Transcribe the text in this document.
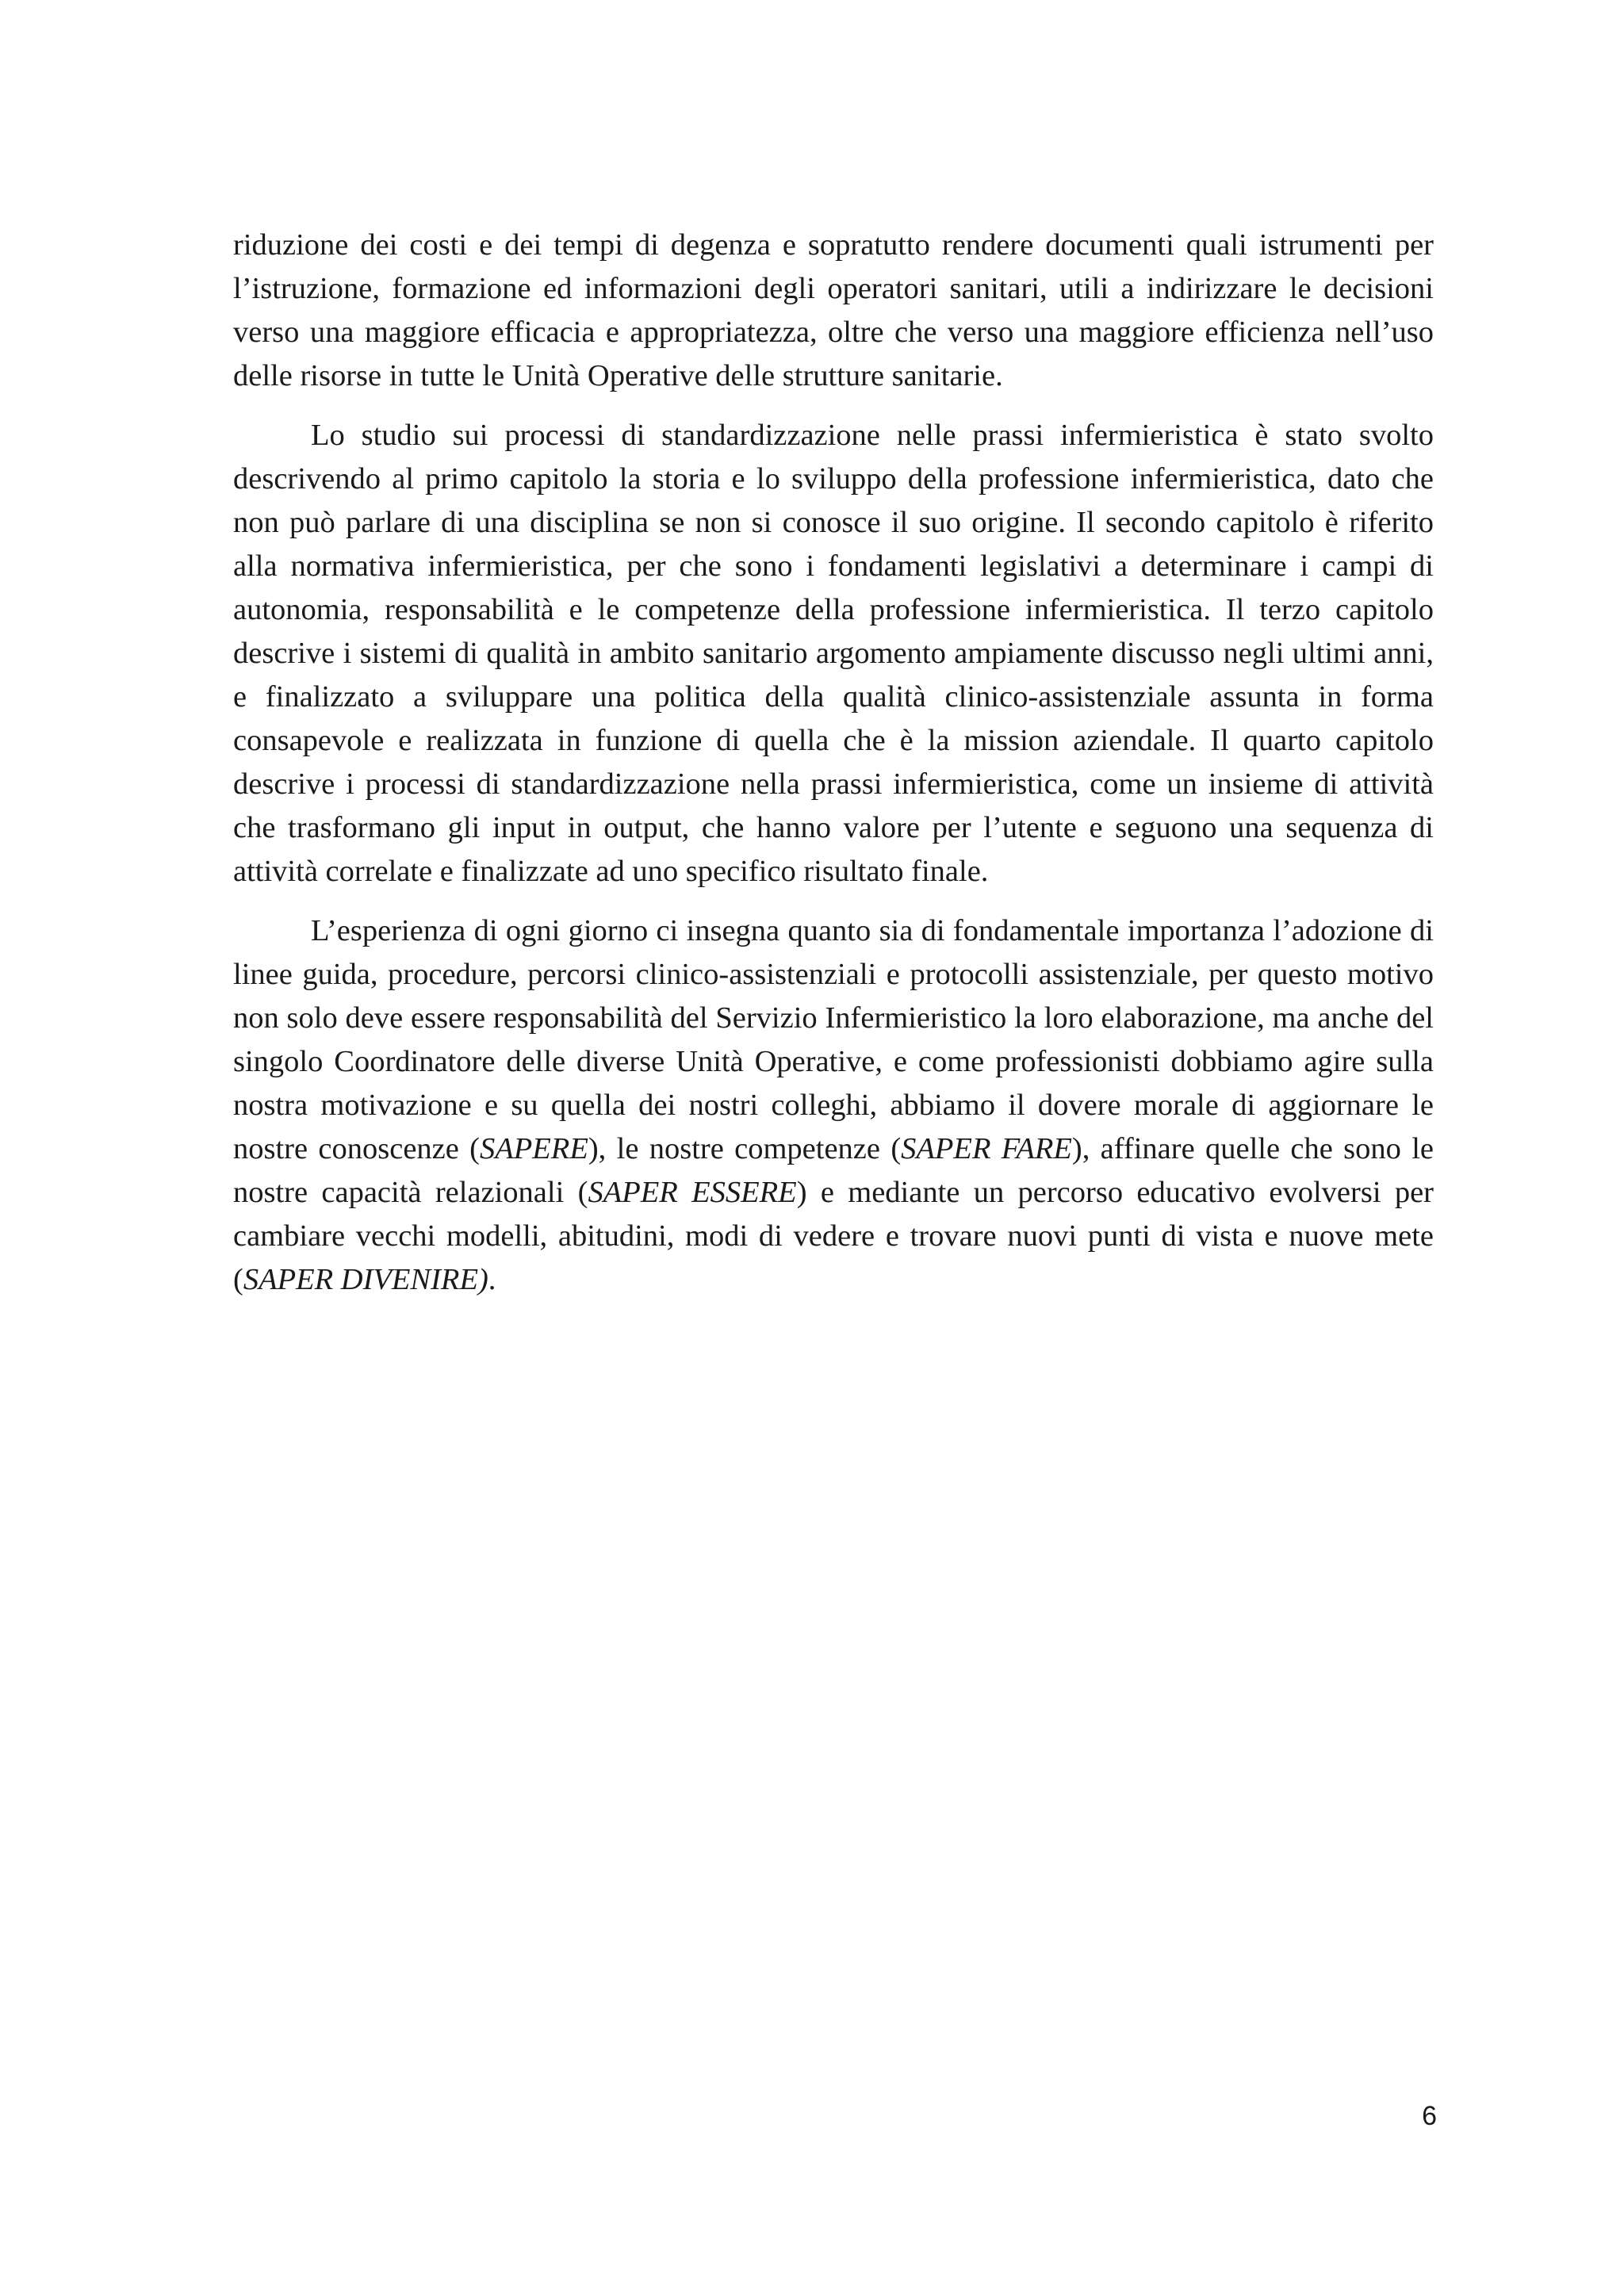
riduzione dei costi e dei tempi di degenza e sopratutto rendere documenti quali istrumenti per l’istruzione, formazione ed informazioni degli operatori sanitari, utili a indirizzare le decisioni verso una maggiore efficacia e appropriatezza, oltre che verso una maggiore efficienza nell’uso delle risorse in tutte le Unità Operative delle strutture sanitarie.

Lo studio sui processi di standardizzazione nelle prassi infermieristica è stato svolto descrivendo al primo capitolo la storia e lo sviluppo della professione infermieristica, dato che non può parlare di una disciplina se non si conosce il suo origine. Il secondo capitolo è riferito alla normativa infermieristica, per che sono i fondamenti legislativi a determinare i campi di autonomia, responsabilità e le competenze della professione infermieristica. Il terzo capitolo descrive i sistemi di qualità in ambito sanitario argomento ampiamente discusso negli ultimi anni, e finalizzato a sviluppare una politica della qualità clinico-assistenziale assunta in forma consapevole e realizzata in funzione di quella che è la mission aziendale. Il quarto capitolo descrive i processi di standardizzazione nella prassi infermieristica, come un insieme di attività che trasformano gli input in output, che hanno valore per l’utente e seguono una sequenza di attività correlate e finalizzate ad uno specifico risultato finale.

L’esperienza di ogni giorno ci insegna quanto sia di fondamentale importanza l’adozione di linee guida, procedure, percorsi clinico-assistenziali e protocolli assistenziale, per questo motivo non solo deve essere responsabilità del Servizio Infermieristico la loro elaborazione, ma anche del singolo Coordinatore delle diverse Unità Operative, e come professionisti dobbiamo agire sulla nostra motivazione e su quella dei nostri colleghi, abbiamo il dovere morale di aggiornare le nostre conoscenze (SAPERE), le nostre competenze (SAPER FARE), affinare quelle che sono le nostre capacità relazionali (SAPER ESSERE) e mediante un percorso educativo evolversi per cambiare vecchi modelli, abitudini, modi di vedere e trovare nuovi punti di vista e nuove mete (SAPER DIVENIRE).

6
